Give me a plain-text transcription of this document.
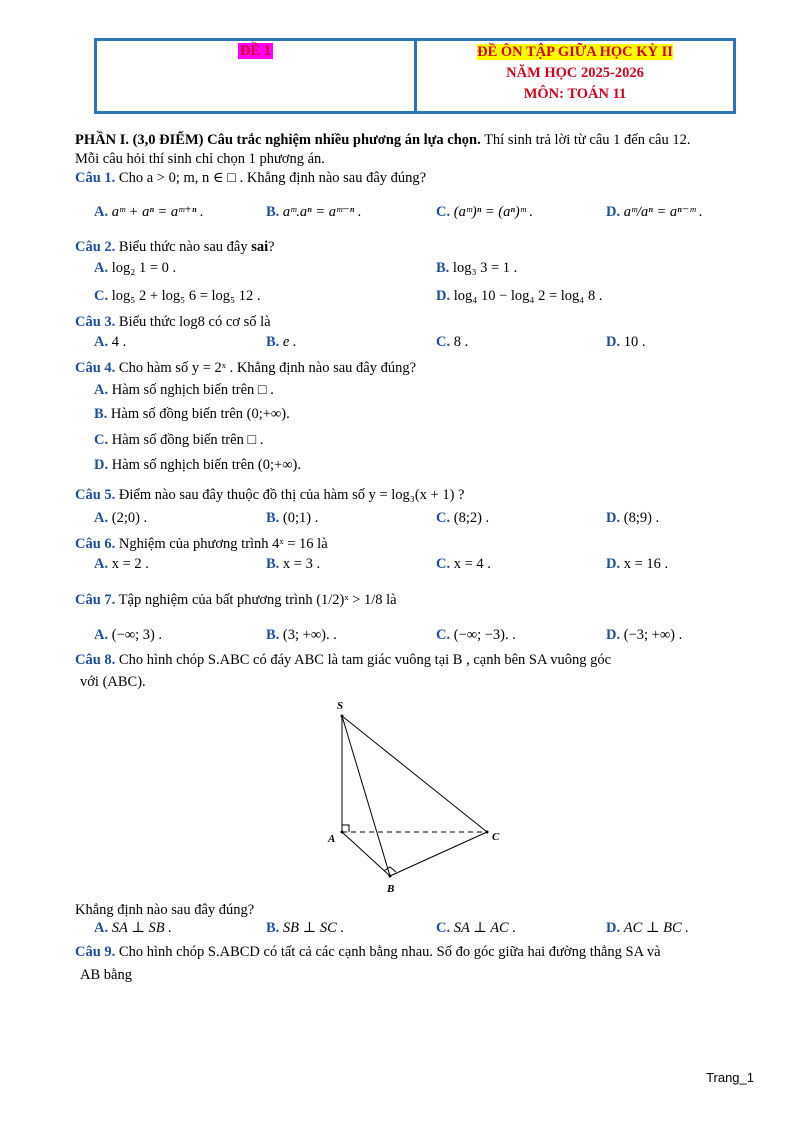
ĐỀ 1	ĐỀ ÔN TẬP GIỮA HỌC KỲ II
NĂM HỌC 2025-2026
MÔN: TOÁN 11
PHẦN I. (3,0 ĐIỂM) Câu trắc nghiệm nhiều phương án lựa chọn. Thí sinh trả lời từ câu 1 đến câu 12.
Mỗi câu hỏi thí sinh chỉ chọn 1 phương án.
Câu 1. Cho a > 0; m, n ∈ □ . Khẳng định nào sau đây đúng?
A. aᵐ + aⁿ = aᵐ⁺ⁿ .	B. aᵐ.aⁿ = aᵐ⁻ⁿ .	C. (aᵐ)ⁿ = (aⁿ)ᵐ .	D. aᵐ/aⁿ = aⁿ⁻ᵐ .
Câu 2. Biểu thức nào sau đây sai?
A. log₂ 1 = 0 .	B. log₃ 3 = 1 .
C. log₅ 2 + log₅ 6 = log₅ 12 .	D. log₄ 10 − log₄ 2 = log₄ 8 .
Câu 3. Biểu thức log8 có cơ số là
A. 4 .	B. e .	C. 8 .	D. 10 .
Câu 4. Cho hàm số y = 2ˣ . Khẳng định nào sau đây đúng?
A. Hàm số nghịch biến trên □ .
B. Hàm số đồng biến trên (0;+∞).
C. Hàm số đồng biến trên □ .
D. Hàm số nghịch biến trên (0;+∞).
Câu 5. Điểm nào sau đây thuộc đồ thị của hàm số y = log₃(x + 1) ?
A. (2;0) .	B. (0;1) .	C. (8;2) .	D. (8;9) .
Câu 6. Nghiệm của phương trình 4ˣ = 16 là
A. x = 2 .	B. x = 3 .	C. x = 4 .	D. x = 16 .
Câu 7. Tập nghiệm của bất phương trình (1/2)ˣ > 1/8 là
A. (−∞; 3) .	B. (3; +∞). .	C. (−∞; −3). .	D. (−3; +∞) .
Câu 8. Cho hình chóp S.ABC có đáy ABC là tam giác vuông tại B , cạnh bên SA vuông góc
với (ABC).
S
A
B
C
Khẳng định nào sau đây đúng?
A. SA ⊥ SB .	B. SB ⊥ SC .	C. SA ⊥ AC .	D. AC ⊥ BC .
Câu 9. Cho hình chóp S.ABCD có tất cả các cạnh bằng nhau. Số đo góc giữa hai đường thẳng SA và
AB bằng
Trang_1
